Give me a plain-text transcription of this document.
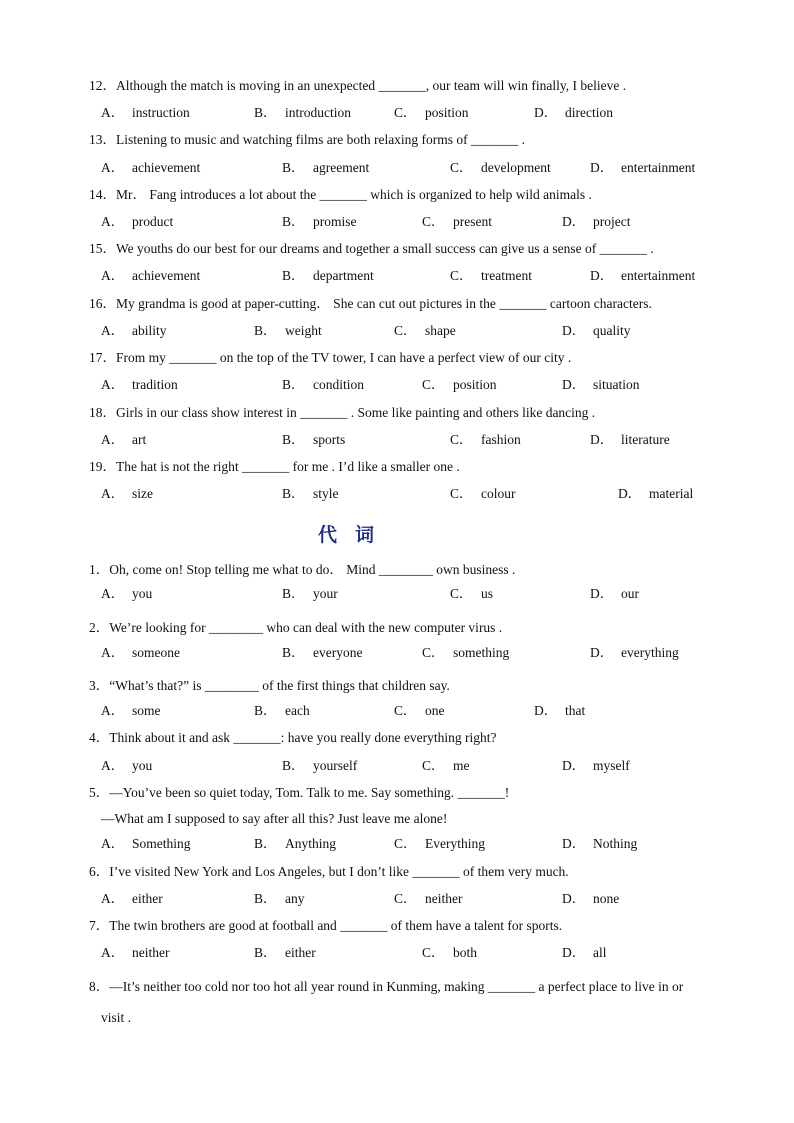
12．Although the match is moving in an unexpected _______, our team will win finally, I believe .
A． instruction	B． introduction	C． position	D． direction
13．Listening to music and watching films are both relaxing forms of _______ .
A． achievement	B． agreement	C． development	D． entertainment
14．Mr． Fang introduces a lot about the _______ which is organized to help wild animals .
A． product	B． promise	C． present	D． project
15．We youths do our best for our dreams and together a small success can give us a sense of _______ .
A． achievement	B． department	C． treatment	D． entertainment
16．My grandma is good at paper-cutting． She can cut out pictures in the _______ cartoon characters.
A． ability	B． weight	C． shape	D． quality
17．From my _______ on the top of the TV tower, I can have a perfect view of our city .
A． tradition	B． condition	C． position	D． situation
18．Girls in our class show interest in _______ . Some like painting and others like dancing .
A． art	B． sports	C． fashion	D． literature
19．The hat is not the right _______ for me . I’d like a smaller one .
A． size	B． style	C． colour	D． material
代词
1．Oh, come on! Stop telling me what to do． Mind ________ own business .
A． you	B． your	C． us	D． our
2．We’re looking for ________ who can deal with the new computer virus .
A． someone	B． everyone	C． something	D． everything
3．“What’s that?” is ________ of the first things that children say.
A． some	B． each	C． one	D． that
4．Think about it and ask _______: have you really done everything right?
A． you	B． yourself	C． me	D． myself
5．—You’ve been so quiet today, Tom. Talk to me. Say something. _______!
—What am I supposed to say after all this? Just leave me alone!
A． Something	B． Anything	C． Everything	D． Nothing
6．I’ve visited New York and Los Angeles, but I don’t like _______ of them very much.
A． either	B． any	C． neither	D． none
7．The twin brothers are good at football and _______ of them have a talent for sports.
A． neither	B． either	C． both	D． all
8．—It’s neither too cold nor too hot all year round in Kunming, making _______ a perfect place to live in or
visit .
